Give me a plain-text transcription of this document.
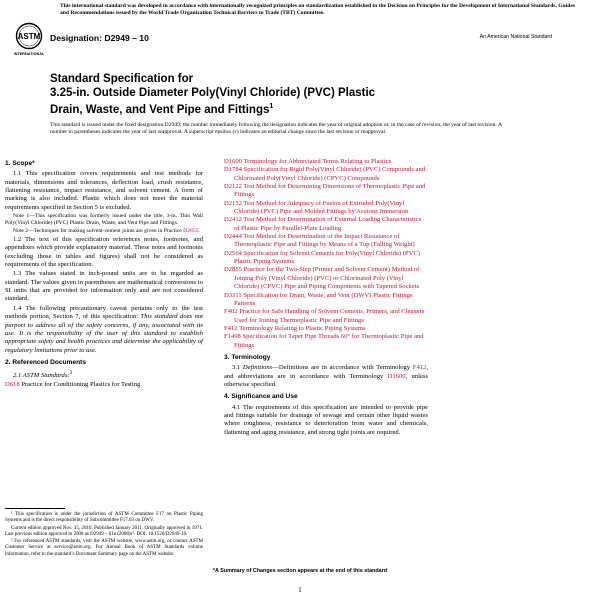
This international standard was developed in accordance with internationally recognized principles on standardization established in the Decision on Principles for the Development of International Standards, Guides and Recommendations issued by the World Trade Organization Technical Barriers to Trade (TBT) Committee.
ASTM
INTERNATIONAL
Designation: D2949 – 10	An American National Standard
Standard Specification for
3.25-in. Outside Diameter Poly(Vinyl Chloride) (PVC) Plastic
Drain, Waste, and Vent Pipe and Fittings$^1$
This standard is issued under the fixed designation D2949; the number immediately following the designation indicates the year of original adoption or, in the case of revision, the year of last revision. A number in parentheses indicates the year of last reapproval. A superscript epsilon (ε) indicates an editorial change since the last revision or reapproval.
1. Scope*
1.1 This specification covers requirements and test methods for materials, dimensions and tolerances, deflection load, crush resistance, flattening resistance, impact resistance, and solvent cement. A form of marking is also included. Plastic which does not meet the material requirements specified in Section 5 is excluded.
Note 1—This specification was formerly issued under the title, 3-in. Thin Wall Poly(Vinyl Chloride) (PVC) Plastic Drain, Waste, and Vent Pipe and Fittings.
Note 2—Techniques for making solvent-cement joints are given in Practice D2855.
1.2 The text of this specification references notes, footnotes, and appendixes which provide explanatory material. These notes and footnotes (excluding those in tables and figures) shall not be considered as requirements of the specification.
1.3 The values stated in inch-pound units are to be regarded as standard. The values given in parentheses are mathematical conversions to SI units that are provided for information only and are not considered standard.
1.4 The following precautionary caveat pertains only to the test methods portion, Section 7, of this specification: This standard does not purport to address all of the safety concerns, if any, associated with its use. It is the responsibility of the user of this standard to establish appropriate safety and health practices and determine the applicability of regulatory limitations prior to use.
2. Referenced Documents
2.1 ASTM Standards:$^2$
D618 Practice for Conditioning Plastics for Testing

¹ This specification is under the jurisdiction of ASTM Committee F17 on Plastic Piping Systems and is the direct responsibility of Subcommittee F17.63 on DWV.

Current edition approved Nov. 15, 2010. Published January 2011. Originally approved in 1971. Last previous edition approved in 2008 as D2949 – 01a (2008)ε¹. DOI: 10.1520/D2949-10.

² For referenced ASTM standards, visit the ASTM website, www.astm.org, or contact ASTM Customer Service at service@astm.org. For Annual Book of ASTM Standards volume information, refer to the standard’s Document Summary page on the ASTM website.

D1600 Terminology for Abbreviated Terms Relating to Plastics
D1784 Specification for Rigid Poly(Vinyl Chloride) (PVC) Compounds and Chlorinated Poly(Vinyl Chloride) (CPVC) Compounds
D2122 Test Method for Determining Dimensions of Thermoplastic Pipe and Fittings
D2152 Test Method for Adequacy of Fusion of Extruded Poly(Vinyl Chloride) (PVC) Pipe and Molded Fittings by Acetone Immersion
D2412 Test Method for Determination of External Loading Characteristics of Plastic Pipe by Parallel-Plate Loading
D2444 Test Method for Determination of the Impact Resistance of Thermoplastic Pipe and Fittings by Means of a Tup (Falling Weight)
D2564 Specification for Solvent Cements for Poly(Vinyl Chloride) (PVC) Plastic Piping Systems
D2855 Practice for the Two-Step (Primer and Solvent Cement) Method of Joining Poly (Vinyl Chloride) (PVC) or Chlorinated Poly (Vinyl Chloride) (CPVC) Pipe and Piping Components with Tapered Sockets
D3311 Specification for Drain, Waste, and Vent (DWV) Plastic Fittings Patterns
F402 Practice for Safe Handling of Solvent Cements, Primers, and Cleaners Used for Joining Thermoplastic Pipe and Fittings
F412 Terminology Relating to Plastic Piping Systems
F1498 Specification for Taper Pipe Threads 60° for Thermoplastic Pipe and Fittings
3. Terminology
3.1 Definitions—Definitions are in accordance with Terminology F412, and abbreviations are in accordance with Terminology D1600, unless otherwise specified.
4. Significance and Use
4.1 The requirements of this specification are intended to provide pipe and fittings suitable for drainage of sewage and certain other liquid wastes where toughness, resistance to deterioration from water and chemicals, flattening and aging resistance, and strong tight joints are required.
*A Summary of Changes section appears at the end of this standard
1
